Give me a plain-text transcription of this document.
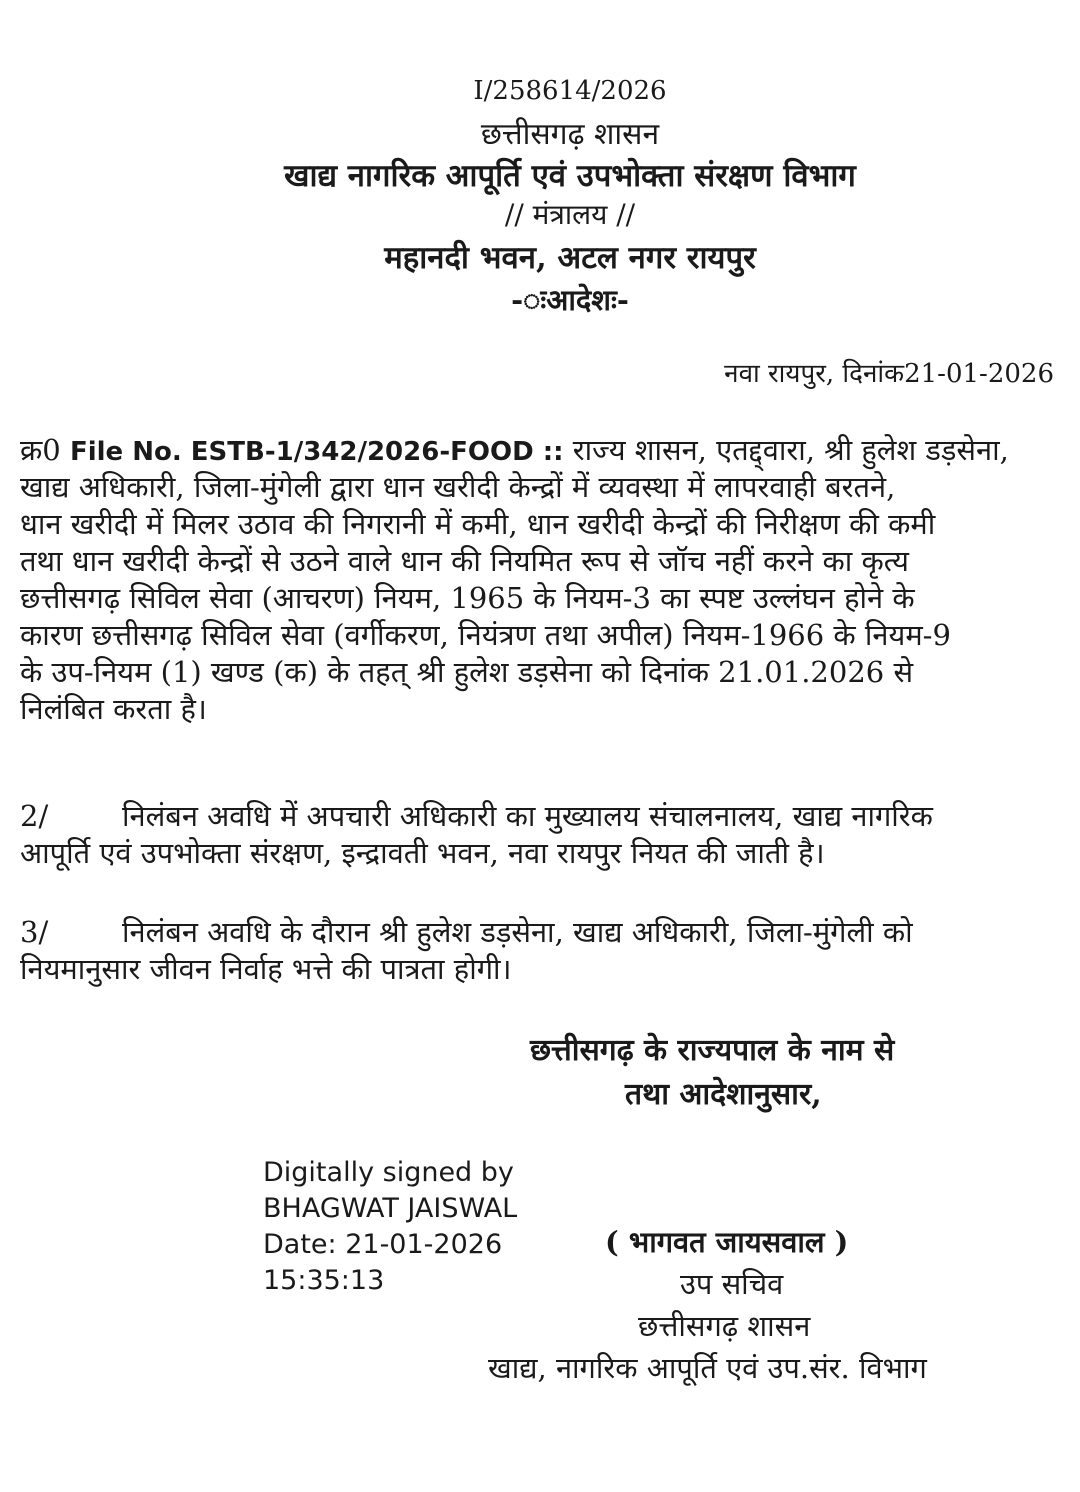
I/258614/2026
छत्तीसगढ़ शासन
खाद्य नागरिक आपूर्ति एवं उपभोक्ता संरक्षण विभाग
// मंत्रालय //
महानदी भवन, अटल नगर रायपुर
-◌ःआदेशः-
नवा रायपुर, दिनांक21-01-2026
क्र0 File No. ESTB-1/342/2026-FOOD :: राज्य शासन, एतद्द्वारा, श्री हुलेश डड़सेना,
खाद्य अधिकारी, जिला-मुंगेली द्वारा धान खरीदी केन्द्रों में व्यवस्था में लापरवाही बरतने,
धान खरीदी में मिलर उठाव की निगरानी में कमी, धान खरीदी केन्द्रों की निरीक्षण की कमी
तथा धान खरीदी केन्द्रों से उठने वाले धान की नियमित रूप से जॉच नहीं करने का कृत्य
छत्तीसगढ़ सिविल सेवा (आचरण) नियम, 1965 के नियम-3 का स्पष्ट उल्लंघन होने के
कारण छत्तीसगढ़ सिविल सेवा (वर्गीकरण, नियंत्रण तथा अपील) नियम-1966 के नियम-9
के उप-नियम (1) खण्ड (क) के तहत् श्री हुलेश डड़सेना को दिनांक 21.01.2026 से
निलंबित करता है।
2/	निलंबन अवधि में अपचारी अधिकारी का मुख्यालय संचालनालय, खाद्य नागरिक
आपूर्ति एवं उपभोक्ता संरक्षण, इन्द्रावती भवन, नवा रायपुर नियत की जाती है।
3/	निलंबन अवधि के दौरान श्री हुलेश डड़सेना, खाद्य अधिकारी, जिला-मुंगेली को
नियमानुसार जीवन निर्वाह भत्ते की पात्रता होगी।
छत्तीसगढ़ के राज्यपाल के नाम से
तथा आदेशानुसार,
Digitally signed by
BHAGWAT JAISWAL
Date: 21-01-2026
15:35:13
( भागवत जायसवाल )
उप सचिव
छत्तीसगढ़ शासन
खाद्य, नागरिक आपूर्ति एवं उप.संर. विभाग
